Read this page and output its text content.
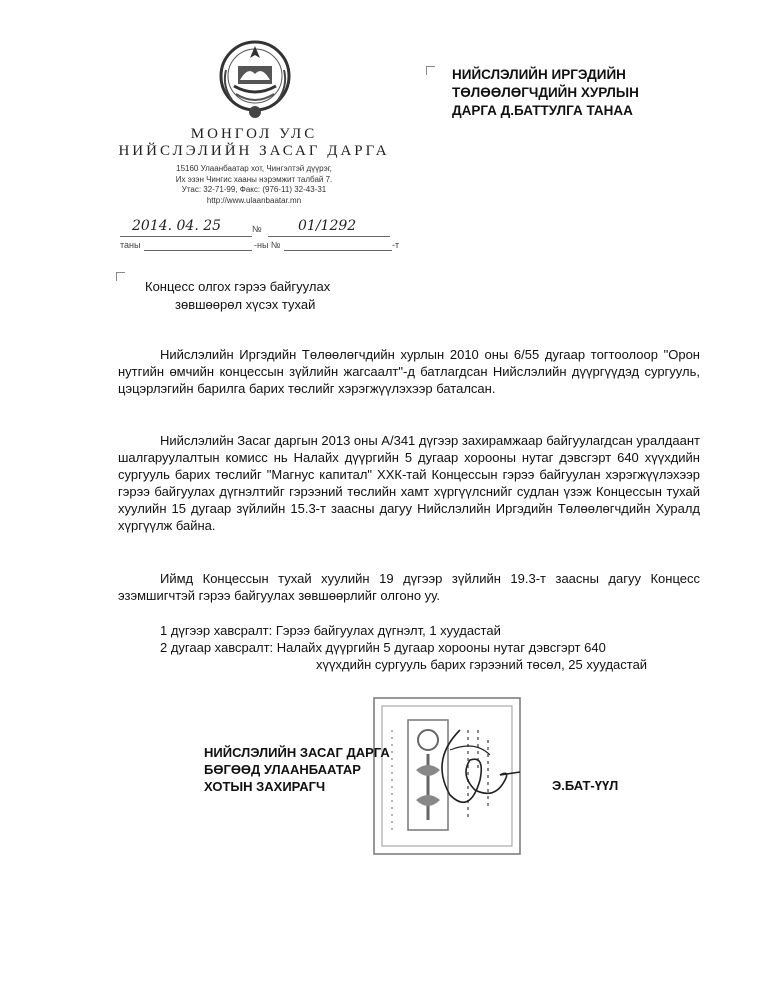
МОНГОЛ УЛС
НИЙСЛЭЛИЙН ЗАСАГ ДАРГА
15160 Улаанбаатар хот, Чингэлтэй дүүрэг,
Их эзэн Чингис хааны нэрэмжит талбай 7.
Утас: 32-71-99, Факс: (976-11) 32-43-31
http://www.ulaanbaatar.mn
2014. 04. 25	№	01/1292
таны	-ны №	-т
НИЙСЛЭЛИЙН ИРГЭДИЙН
ТӨЛӨӨЛӨГЧДИЙН ХУРЛЫН
ДАРГА Д.БАТТУЛГА ТАНАА
Концесс олгох гэрээ байгуулах
зөвшөөрөл хүсэх тухай
Нийслэлийн Иргэдийн Төлөөлөгчдийн хурлын 2010 оны 6/55 дугаар тогтоолоор "Орон нутгийн өмчийн концессын зүйлийн жагсаалт"-д батлагдсан Нийслэлийн дүүргүүдэд сургууль, цэцэрлэгийн барилга барих төслийг хэрэгжүүлэхээр баталсан.
Нийслэлийн Засаг даргын 2013 оны А/341 дүгээр захирамжаар байгуулагдсан уралдаант шалгаруулалтын комисс нь Налайх дүүргийн 5 дугаар хорооны нутаг дэвсгэрт 640 хүүхдийн сургууль барих төслийг "Магнус капитал" ХХК-тай Концессын гэрээ байгуулан хэрэгжүүлэхээр гэрээ байгуулах дүгнэлтийг гэрээний төслийн хамт хүргүүлснийг судлан үзэж Концессын тухай хуулийн 15 дугаар зүйлийн 15.3-т заасны дагуу Нийслэлийн Иргэдийн Төлөөлөгчдийн Хуралд хүргүүлж байна.
Иймд Концессын тухай хуулийн 19 дүгээр зүйлийн 19.3-т заасны дагуу Концесс эзэмшигчтэй гэрээ байгуулах зөвшөөрлийг олгоно уу.
1 дүгээр хавсралт: Гэрээ байгуулах дүгнэлт, 1 хуудастай
2 дугаар хавсралт: Налайх дүүргийн 5 дугаар хорооны нутаг дэвсгэрт 640
хүүхдийн сургууль барих гэрээний төсөл, 25 хуудастай
НИЙСЛЭЛИЙН ЗАСАГ ДАРГА
БӨГӨӨД УЛААНБААТАР
ХОТЫН ЗАХИРАГЧ	Э.БАТ-ҮҮЛ
